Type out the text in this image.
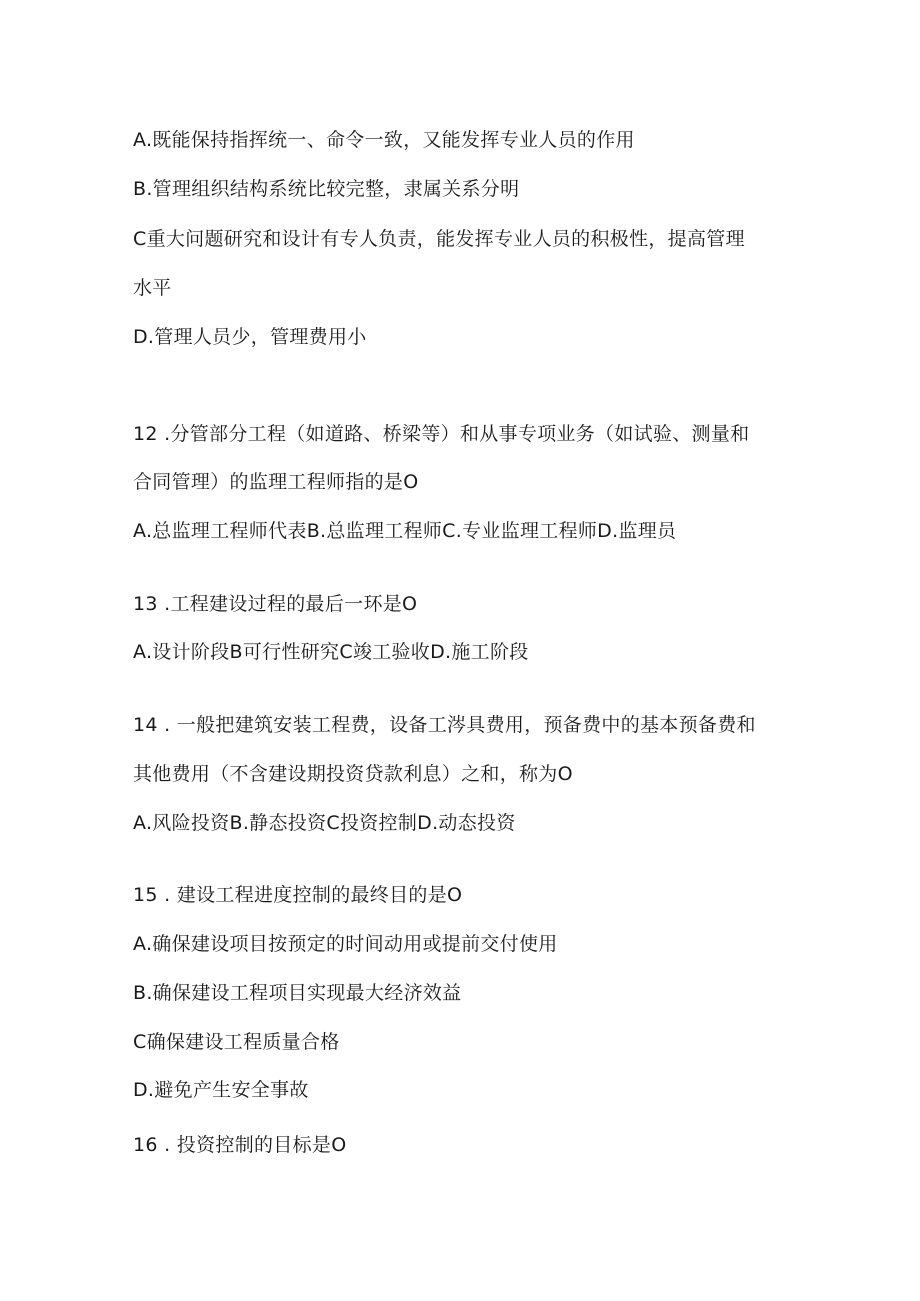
A.既能保持指挥统一、命令一致，又能发挥专业人员的作用
B.管理组织结构系统比较完整，隶属关系分明
C重大问题研究和设计有专人负责，能发挥专业人员的积极性，提高管理
水平
D.管理人员少，管理费用小
12 .分管部分工程（如道路、桥梁等）和从事专项业务（如试验、测量和
合同管理）的监理工程师指的是O
A.总监理工程师代表B.总监理工程师C.专业监理工程师D.监理员
13 .工程建设过程的最后一环是O
A.设计阶段B可行性研究C竣工验收D.施工阶段
14 . 一般把建筑安装工程费，设备工涔具费用，预备费中的基本预备费和
其他费用（不含建设期投资贷款利息）之和，称为O
A.风险投资B.静态投资C投资控制D.动态投资
15 . 建设工程进度控制的最终目的是O
A.确保建设项目按预定的时间动用或提前交付使用
B.确保建设工程项目实现最大经济效益
C确保建设工程质量合格
D.避免产生安全事故
16 . 投资控制的目标是O
